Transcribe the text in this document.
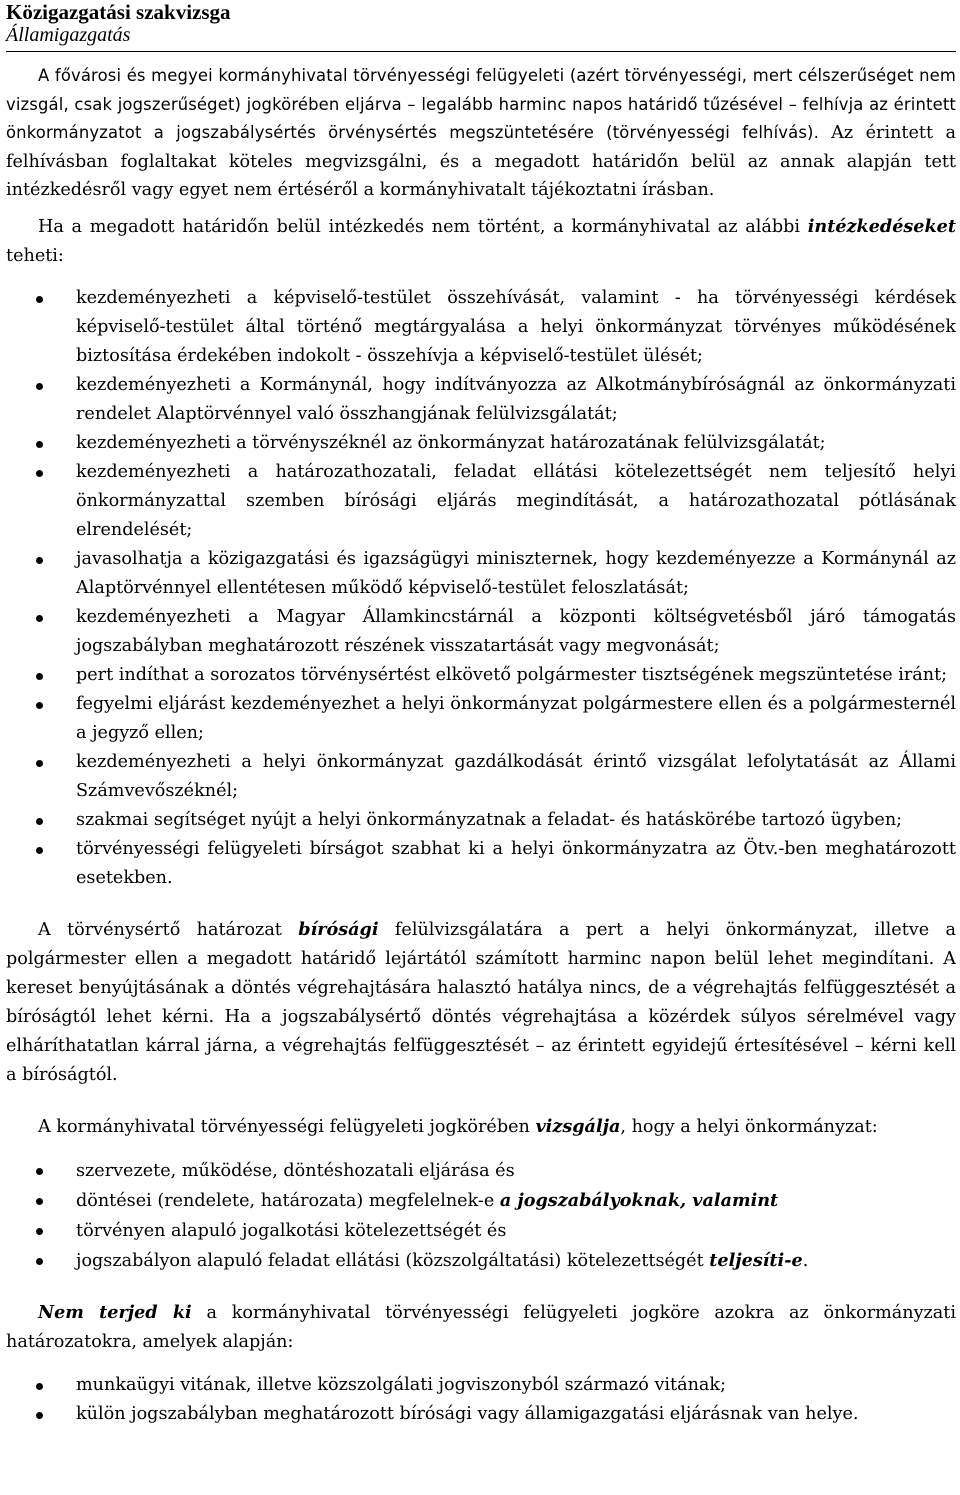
Közigazgatási szakvizsga
Államigazgatás

A fővárosi és megyei kormányhivatal törvényességi felügyeleti (azért törvényességi, mert célszerűséget nem vizsgál, csak jogszerűséget) jogkörében eljárva – legalább harminc napos határidő tűzésével – felhívja az érintett önkormányzatot a jogszabálysértés örvénysértés megszüntetésére (törvényességi felhívás). Az érintett a felhívásban foglaltakat köteles megvizsgálni, és a megadott határidőn belül az annak alapján tett intézkedésről vagy egyet nem értéséről a kormányhivatalt tájékoztatni írásban.

Ha a megadott határidőn belül intézkedés nem történt, a kormányhivatal az alábbi intézkedéseket teheti:

kezdeményezheti a képviselő-testület összehívását, valamint - ha törvényességi kérdések képviselő-testület által történő megtárgyalása a helyi önkormányzat törvényes működésének biztosítása érdekében indokolt - összehívja a képviselő-testület ülését;
kezdeményezheti a Kormánynál, hogy indítványozza az Alkotmánybíróságnál az önkormányzati rendelet Alaptörvénnyel való összhangjának felülvizsgálatát;
kezdeményezheti a törvényszéknél az önkormányzat határozatának felülvizsgálatát;
kezdeményezheti a határozathozatali, feladat ellátási kötelezettségét nem teljesítő helyi önkormányzattal szemben bírósági eljárás megindítását, a határozathozatal pótlásának elrendelését;
javasolhatja a közigazgatási és igazságügyi miniszternek, hogy kezdeményezze a Kormánynál az Alaptörvénnyel ellentétesen működő képviselő-testület feloszlatását;
kezdeményezheti a Magyar Államkincstárnál a központi költségvetésből járó támogatás jogszabályban meghatározott részének visszatartását vagy megvonását;
pert indíthat a sorozatos törvénysértést elkövető polgármester tisztségének megszüntetése iránt;
fegyelmi eljárást kezdeményezhet a helyi önkormányzat polgármestere ellen és a polgármesternél a jegyző ellen;
kezdeményezheti a helyi önkormányzat gazdálkodását érintő vizsgálat lefolytatását az Állami Számvevőszéknél;
szakmai segítséget nyújt a helyi önkormányzatnak a feladat- és hatáskörébe tartozó ügyben;
törvényességi felügyeleti bírságot szabhat ki a helyi önkormányzatra az Ötv.-ben meghatározott esetekben.

A törvénysértő határozat bírósági felülvizsgálatára a pert a helyi önkormányzat, illetve a polgármester ellen a megadott határidő lejártától számított harminc napon belül lehet megindítani. A kereset benyújtásának a döntés végrehajtására halasztó hatálya nincs, de a végrehajtás felfüggesztését a bíróságtól lehet kérni. Ha a jogszabálysértő döntés végrehajtása a közérdek súlyos sérelmével vagy elháríthatatlan kárral járna, a végrehajtás felfüggesztését – az érintett egyidejű értesítésével – kérni kell a bíróságtól.

A kormányhivatal törvényességi felügyeleti jogkörében vizsgálja, hogy a helyi önkormányzat:

szervezete, működése, döntéshozatali eljárása és
döntései (rendelete, határozata) megfelelnek-e a jogszabályoknak, valamint
törvényen alapuló jogalkotási kötelezettségét és
jogszabályon alapuló feladat ellátási (közszolgáltatási) kötelezettségét teljesíti-e.

Nem terjed ki a kormányhivatal törvényességi felügyeleti jogköre azokra az önkormányzati határozatokra, amelyek alapján:

munkaügyi vitának, illetve közszolgálati jogviszonyból származó vitának;
külön jogszabályban meghatározott bírósági vagy államigazgatási eljárásnak van helye.
